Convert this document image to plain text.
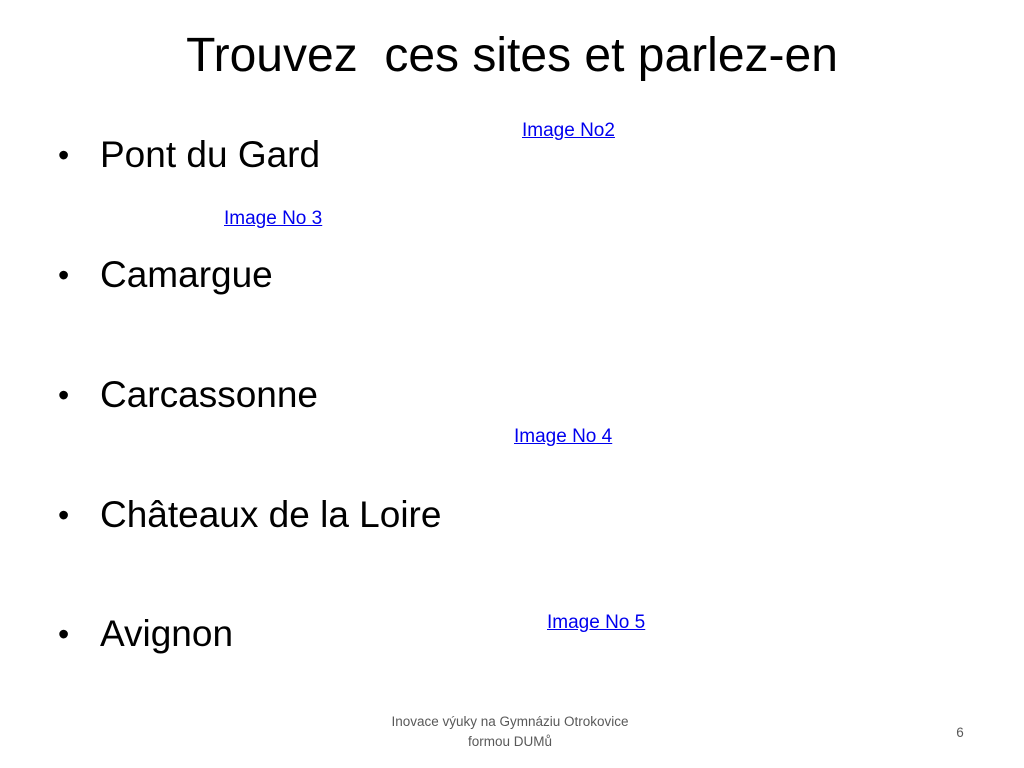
Trouvez  ces sites et parlez-en
• Pont du Gard
• Camargue
• Carcassonne
• Châteaux de la Loire
• Avignon
Image No2
Image No 3
Image No 4
Image No 5
Inovace výuky na Gymnáziu Otrokovice
formou DUMů
6
